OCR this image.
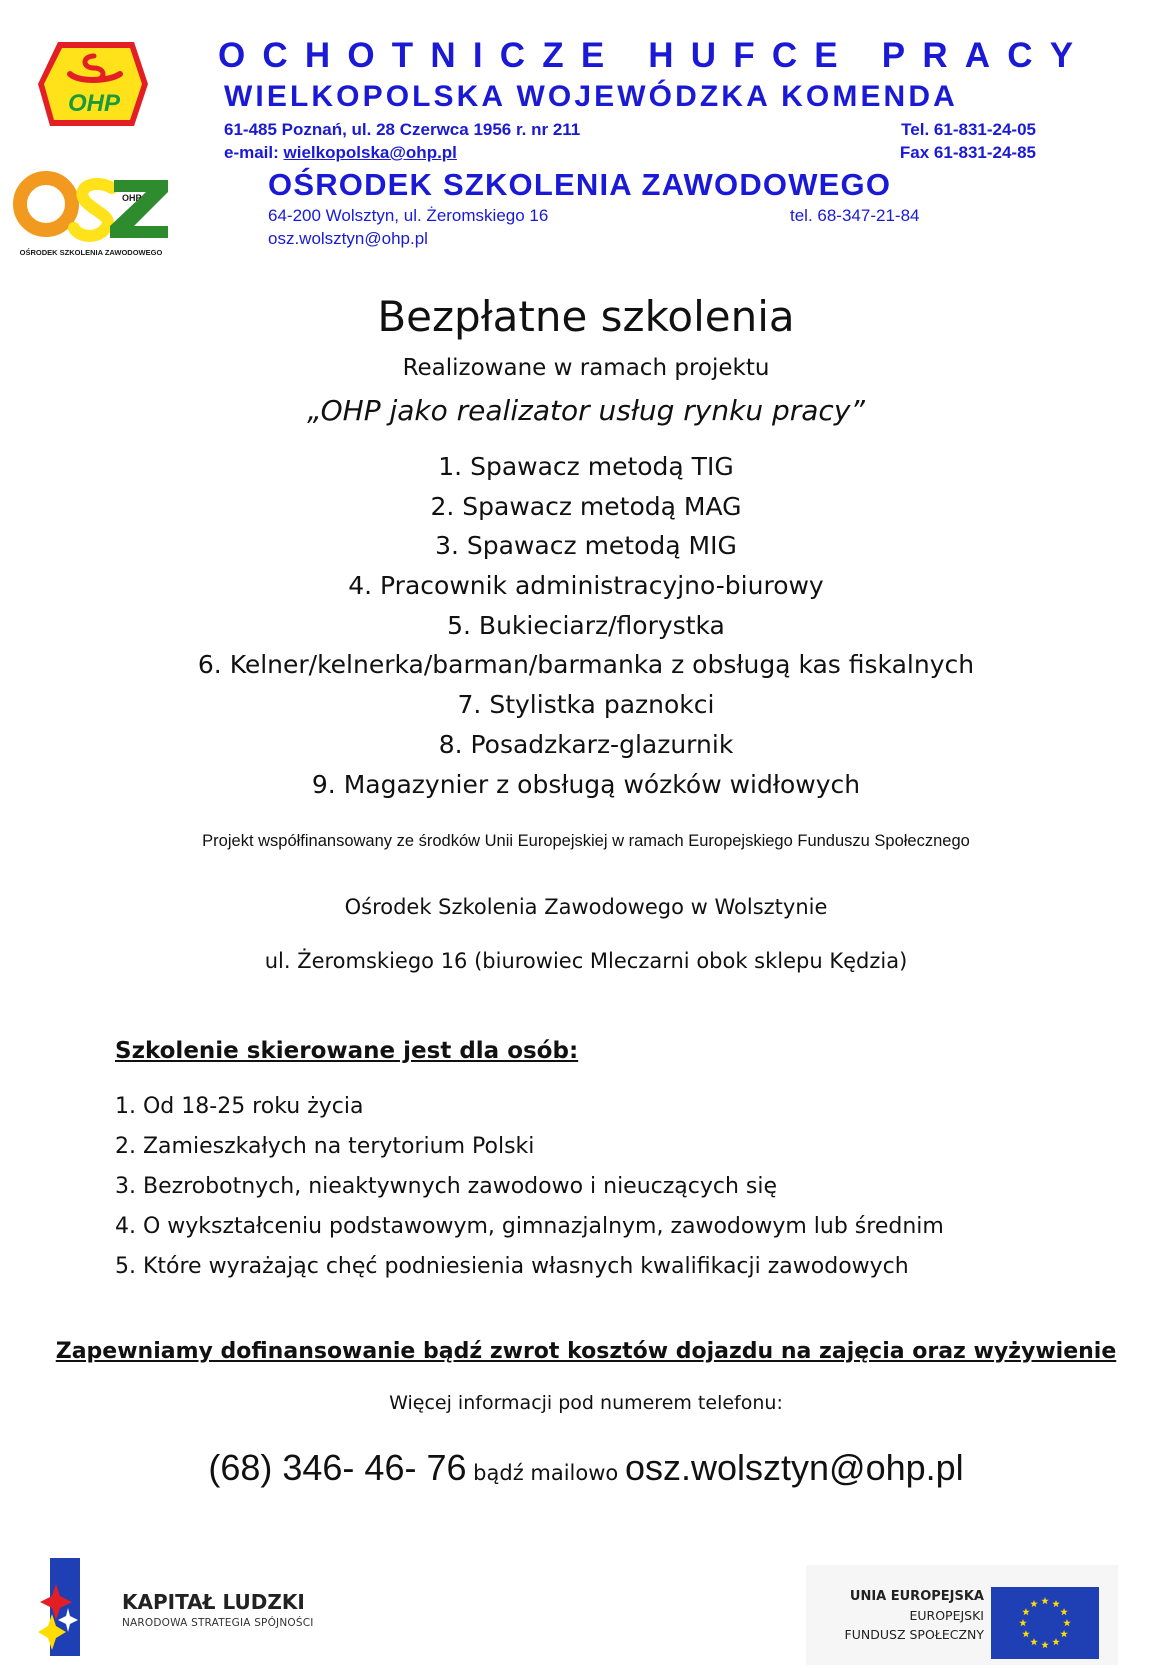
OHP
OHP
OŚRODEK SZKOLENIA ZAWODOWEGO
OCHOTNICZE HUFCE PRACY
WIELKOPOLSKA WOJEWÓDZKA KOMENDA
61-485 Poznań, ul. 28 Czerwca 1956 r. nr 211	Tel. 61-831-24-05
e-mail: wielkopolska@ohp.pl	Fax 61-831-24-85
OŚRODEK SZKOLENIA ZAWODOWEGO
64-200 Wolsztyn, ul. Żeromskiego 16	tel. 68-347-21-84
osz.wolsztyn@ohp.pl
Bezpłatne szkolenia
Realizowane w ramach projektu
„OHP jako realizator usług rynku pracy”
1. Spawacz metodą TIG
2. Spawacz metodą MAG
3. Spawacz metodą MIG
4. Pracownik administracyjno-biurowy
5. Bukieciarz/florystka
6. Kelner/kelnerka/barman/barmanka z obsługą kas fiskalnych
7. Stylistka paznokci
8. Posadzkarz-glazurnik
9. Magazynier z obsługą wózków widłowych
Projekt współfinansowany ze środków Unii Europejskiej w ramach Europejskiego Funduszu Społecznego
Ośrodek Szkolenia Zawodowego w Wolsztynie
ul. Żeromskiego 16 (biurowiec Mleczarni obok sklepu Kędzia)
Szkolenie skierowane jest dla osób:
1. Od 18-25 roku życia
2. Zamieszkałych na terytorium Polski
3. Bezrobotnych, nieaktywnych zawodowo i nieuczących się
4. O wykształceniu podstawowym, gimnazjalnym, zawodowym lub średnim
5. Które wyrażając chęć podniesienia własnych kwalifikacji zawodowych
Zapewniamy dofinansowanie bądź zwrot kosztów dojazdu na zajęcia oraz wyżywienie
Więcej informacji pod numerem telefonu:
(68) 346- 46- 76 bądź mailowo osz.wolsztyn@ohp.pl
KAPITAŁ LUDZKI
NARODOWA STRATEGIA SPÓJNOŚCI
UNIA EUROPEJSKA
EUROPEJSKI
FUNDUSZ SPOŁECZNY
